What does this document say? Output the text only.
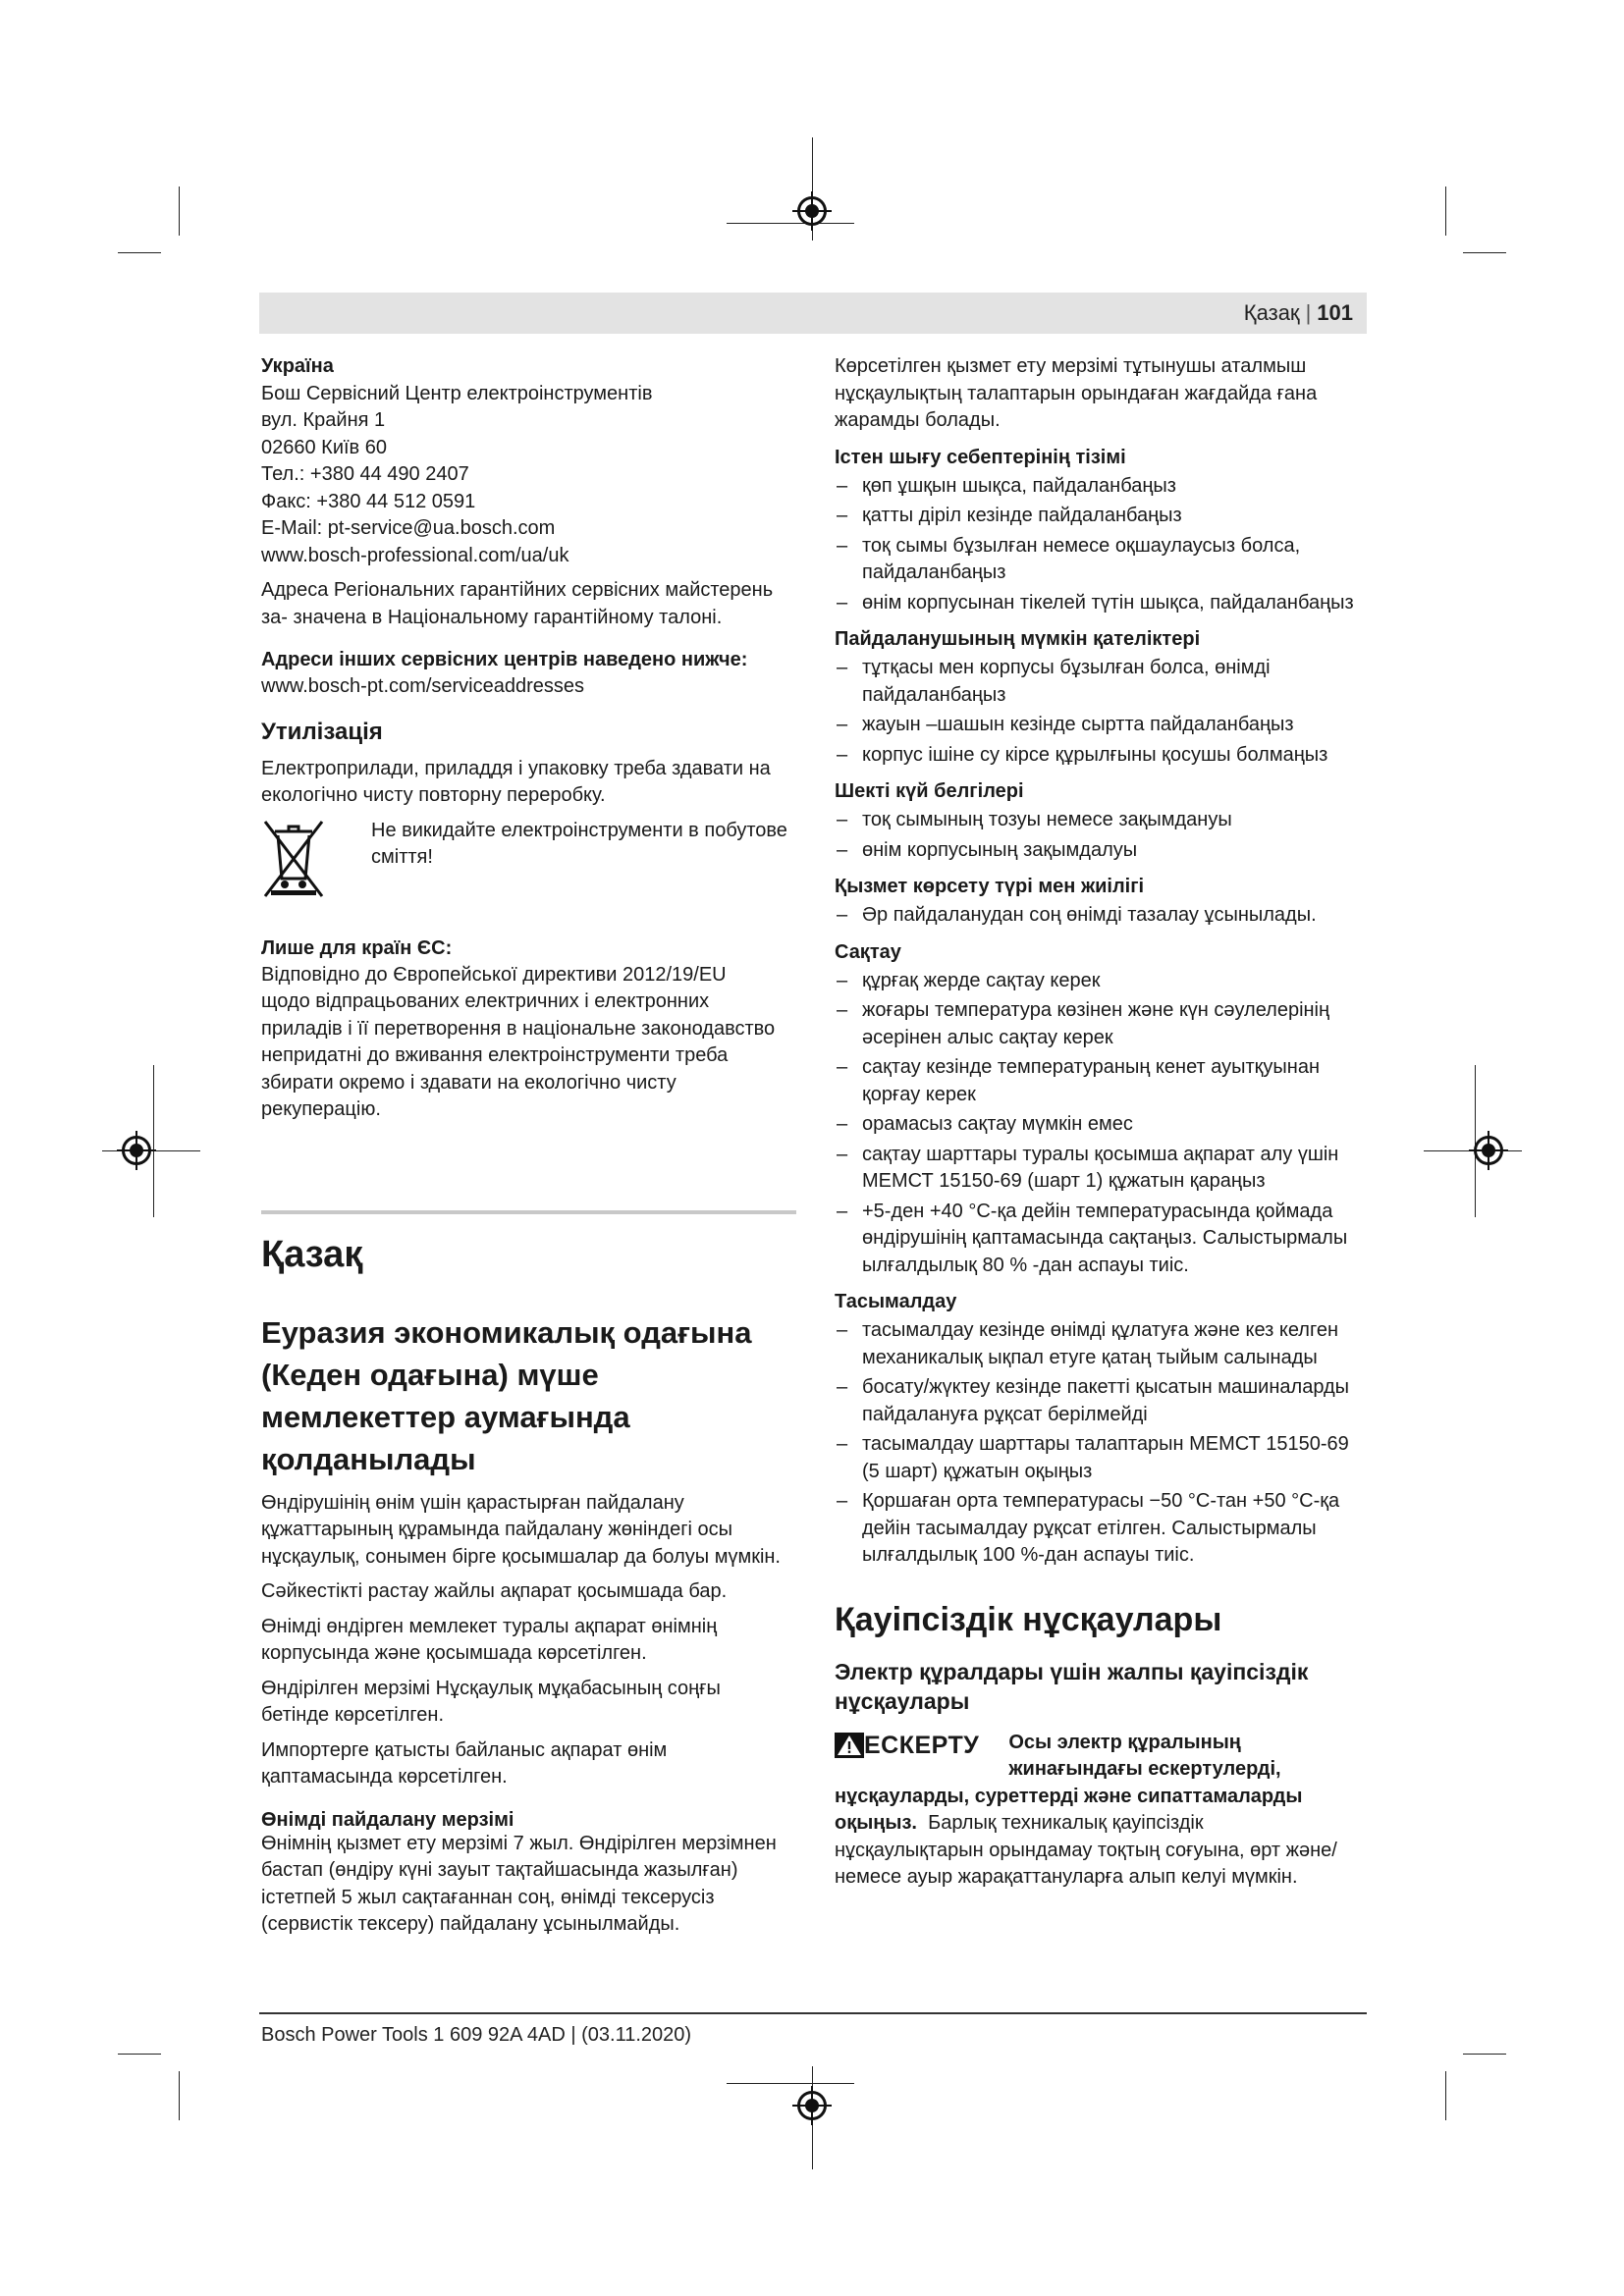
Қазақ | 101

Україна

Бош Сервісний Центр електроінструментів
вул. Крайня 1
02660 Київ 60
Тел.: +380 44 490 2407
Факс: +380 44 512 0591
E-Mail: pt-service@ua.bosch.com
www.bosch-professional.com/ua/uk
Адреса Регіональних гарантійних сервісних майстерень
за- значена в Національному гарантійному талоні.

Адреси інших сервісних центрів наведено нижче:

www.bosch-pt.com/serviceaddresses

Утилізація
Електроприлади, приладдя і упаковку треба здавати на
екологічно чисту повторну переробку.
Не викидайте електроінструменти в побутове
сміття!

Лише для країн ЄС:

Відповідно до Європейської директиви 2012/19/EU
щодо відпрацьованих електричних і електронних
приладів і її перетворення в національне законодавство
непридатні до вживання електроінструменти треба
збирати окремо і здавати на екологічно чисту
рекуперацію.
Қазақ
Еуразия экономикалық одағына
(Кеден одағына) мүше
мемлекеттер аумағында
қолданылады
Өндірушінің өнім үшін қарастырған пайдалану
құжаттарының құрамында пайдалану жөніндегі осы
нұсқаулық, сонымен бірге қосымшалар да болуы мүмкін.
Сәйкестікті растау жайлы ақпарат қосымшада бар.
Өнімді өндірген мемлекет туралы ақпарат өнімнің
корпусында және қосымшада көрсетілген.
Өндірілген мерзімі Нұсқаулық мұқабасының соңғы
бетінде көрсетілген.
Импортерге қатысты байланыс ақпарат өнім
қаптамасында көрсетілген.

Өнімді пайдалану мерзімі

Өнімнің қызмет ету мерзімі 7 жыл. Өндірілген мерзімнен
бастап (өндіру күні зауыт тақтайшасында жазылған)
істетпей 5 жыл сақтағаннан соң, өнімді тексерусіз
(сервистік тексеру) пайдалану ұсынылмайды.
Көрсетілген қызмет ету мерзімі тұтынушы аталмыш
нұсқаулықтың талаптарын орындаған жағдайда ғана
жарамды болады.

Істен шығу себептерінің тізімі

– қөп ұшқын шықса, пайдаланбаңыз
– қатты діріл кезінде пайдаланбаңыз
– тоқ сымы бұзылған немесе оқшаулаусыз болса,
пайдаланбаңыз
– өнім корпусынан тікелей түтін шықса, пайдаланбаңыз

Пайдаланушының мүмкін қателіктері

– тұтқасы мен корпусы бұзылған болса, өнімді
пайдаланбаңыз
– жауын –шашын кезінде сыртта пайдаланбаңыз
– корпус ішіне су кірсе құрылғыны қосушы болмаңыз

Шекті күй белгілері

– тоқ сымының тозуы немесе зақымдануы
– өнім корпусының зақымдалуы

Қызмет көрсету түрі мен жиілігі

– Әр пайдаланудан соң өнімді тазалау ұсынылады.

Сақтау

– құрғақ жерде сақтау керек
– жоғары температура көзінен және күн сәулелерінің
әсерінен алыс сақтау керек
– сақтау кезінде температураның кенет ауытқуынан
қорғау керек
– орамасыз сақтау мүмкін емес
– сақтау шарттары туралы қосымша ақпарат алу үшін
МЕМСТ 15150-69 (шарт 1) құжатын қараңыз
– +5-ден +40 °C-қа дейін температурасында қоймада
өндірушінің қаптамасында сақтаңыз. Салыстырмалы
ылғалдылық 80 % -дан аспауы тиіс.

Тасымалдау

– тасымалдау кезінде өнімді құлатуға және кез келген
механикалық ықпал етуге қатаң тыйым салынады
– босату/жүктеу кезінде пакетті қысатын машиналарды
пайдалануға рұқсат берілмейді
– тасымалдау шарттары талаптарын МЕМСТ 15150-69
(5 шарт) құжатын оқыңыз
– Қоршаған орта температурасы −50 °C-тан +50 °C-қа
дейін тасымалдау рұқсат етілген. Салыстырмалы
ылғалдылық 100 %-дан аспауы тиіс.
Қауіпсіздік нұсқаулары
Электр құралдары үшін жалпы қауіпсіздік
нұсқаулары
ЕСКЕРТУ Осы электр құралының
жинағындағы ескертулерді,
нұсқауларды, суреттерді және сипаттамаларды
оқыңыз. Барлық техникалық қауіпсіздік
нұсқаулықтарын орындамау тоқтың соғуына, өрт және/
немесе ауыр жарақаттануларға алып келуі мүмкін.
Bosch Power Tools 1 609 92A 4AD | (03.11.2020)
